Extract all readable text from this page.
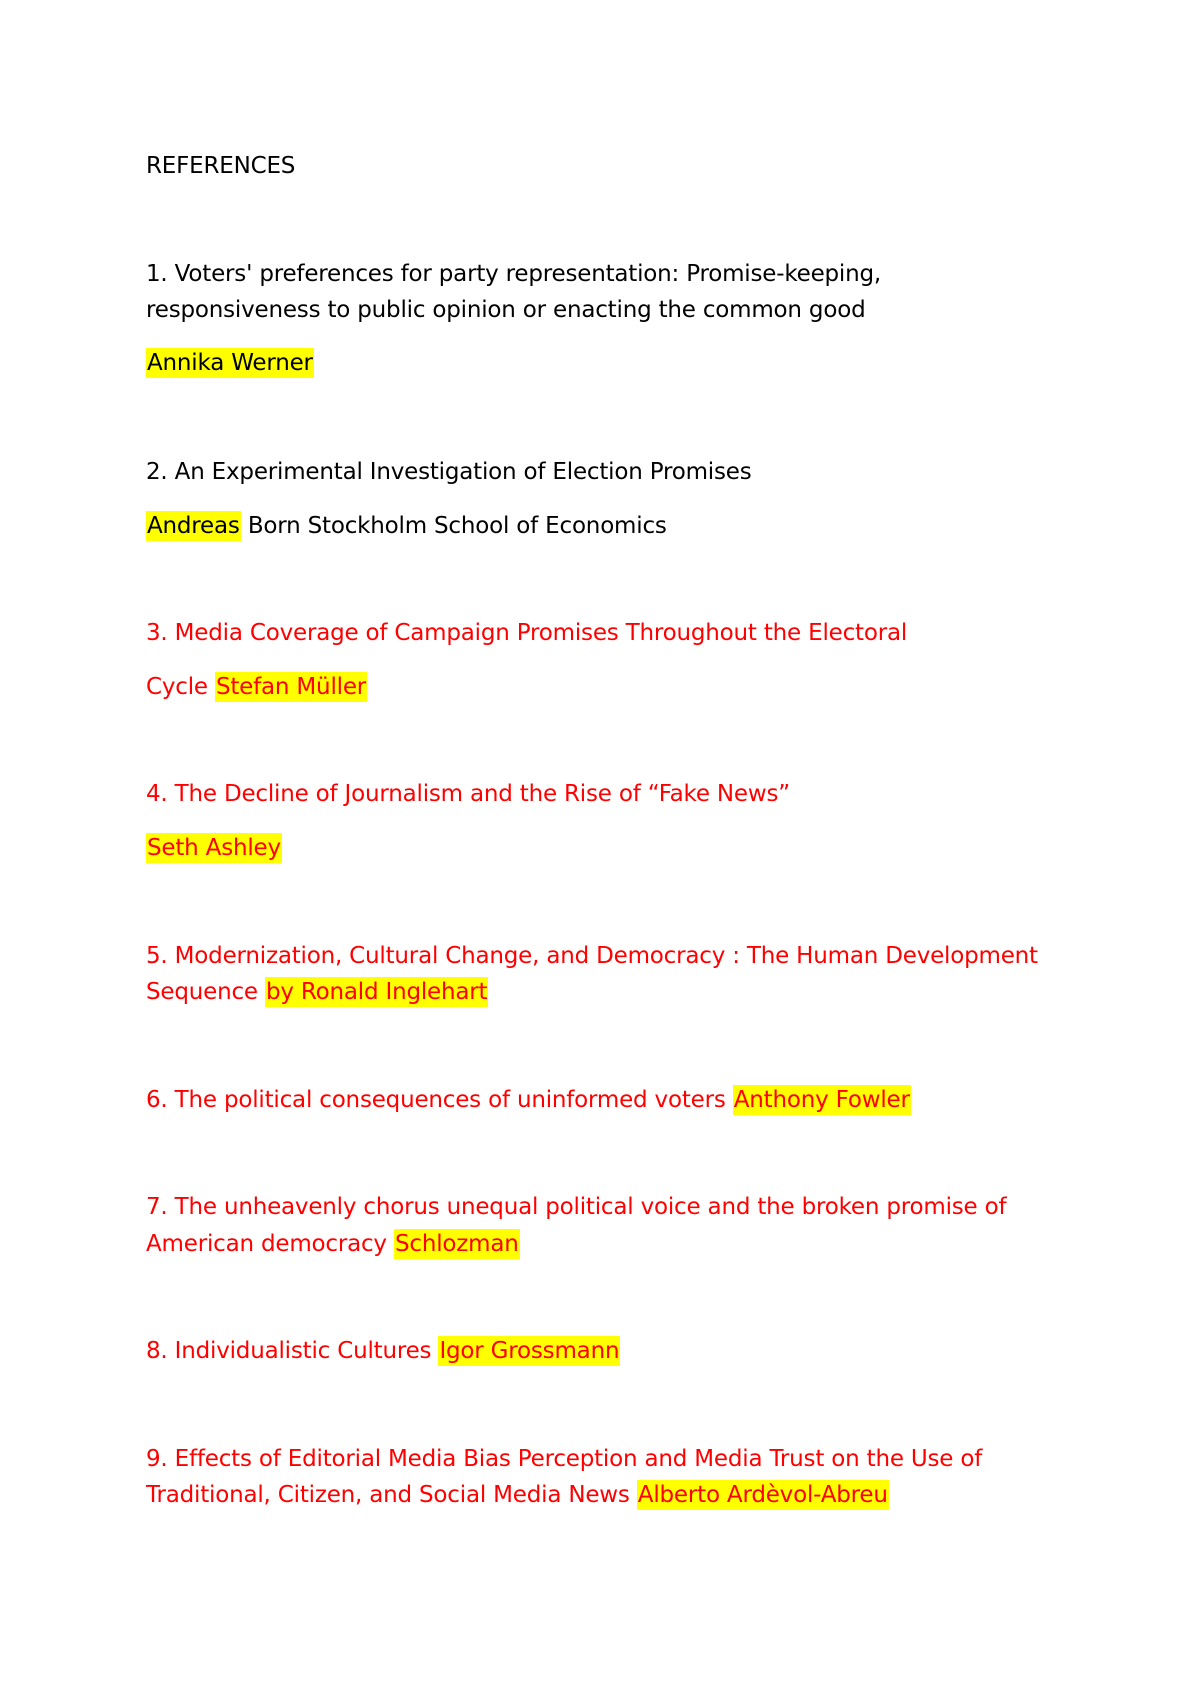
REFERENCES
1. Voters' preferences for party representation: Promise-keeping,
responsiveness to public opinion or enacting the common good
Annika Werner
2. An Experimental Investigation of Election Promises
Andreas Born Stockholm School of Economics
3. Media Coverage of Campaign Promises Throughout the Electoral
Cycle Stefan Müller
4. The Decline of Journalism and the Rise of “Fake News”
Seth Ashley
5. Modernization, Cultural Change, and Democracy : The Human Development
Sequence by Ronald Inglehart
6. The political consequences of uninformed voters Anthony Fowler
7. The unheavenly chorus unequal political voice and the broken promise of
American democracy Schlozman
8. Individualistic Cultures Igor Grossmann
9. Effects of Editorial Media Bias Perception and Media Trust on the Use of
Traditional, Citizen, and Social Media News Alberto Ardèvol-Abreu
